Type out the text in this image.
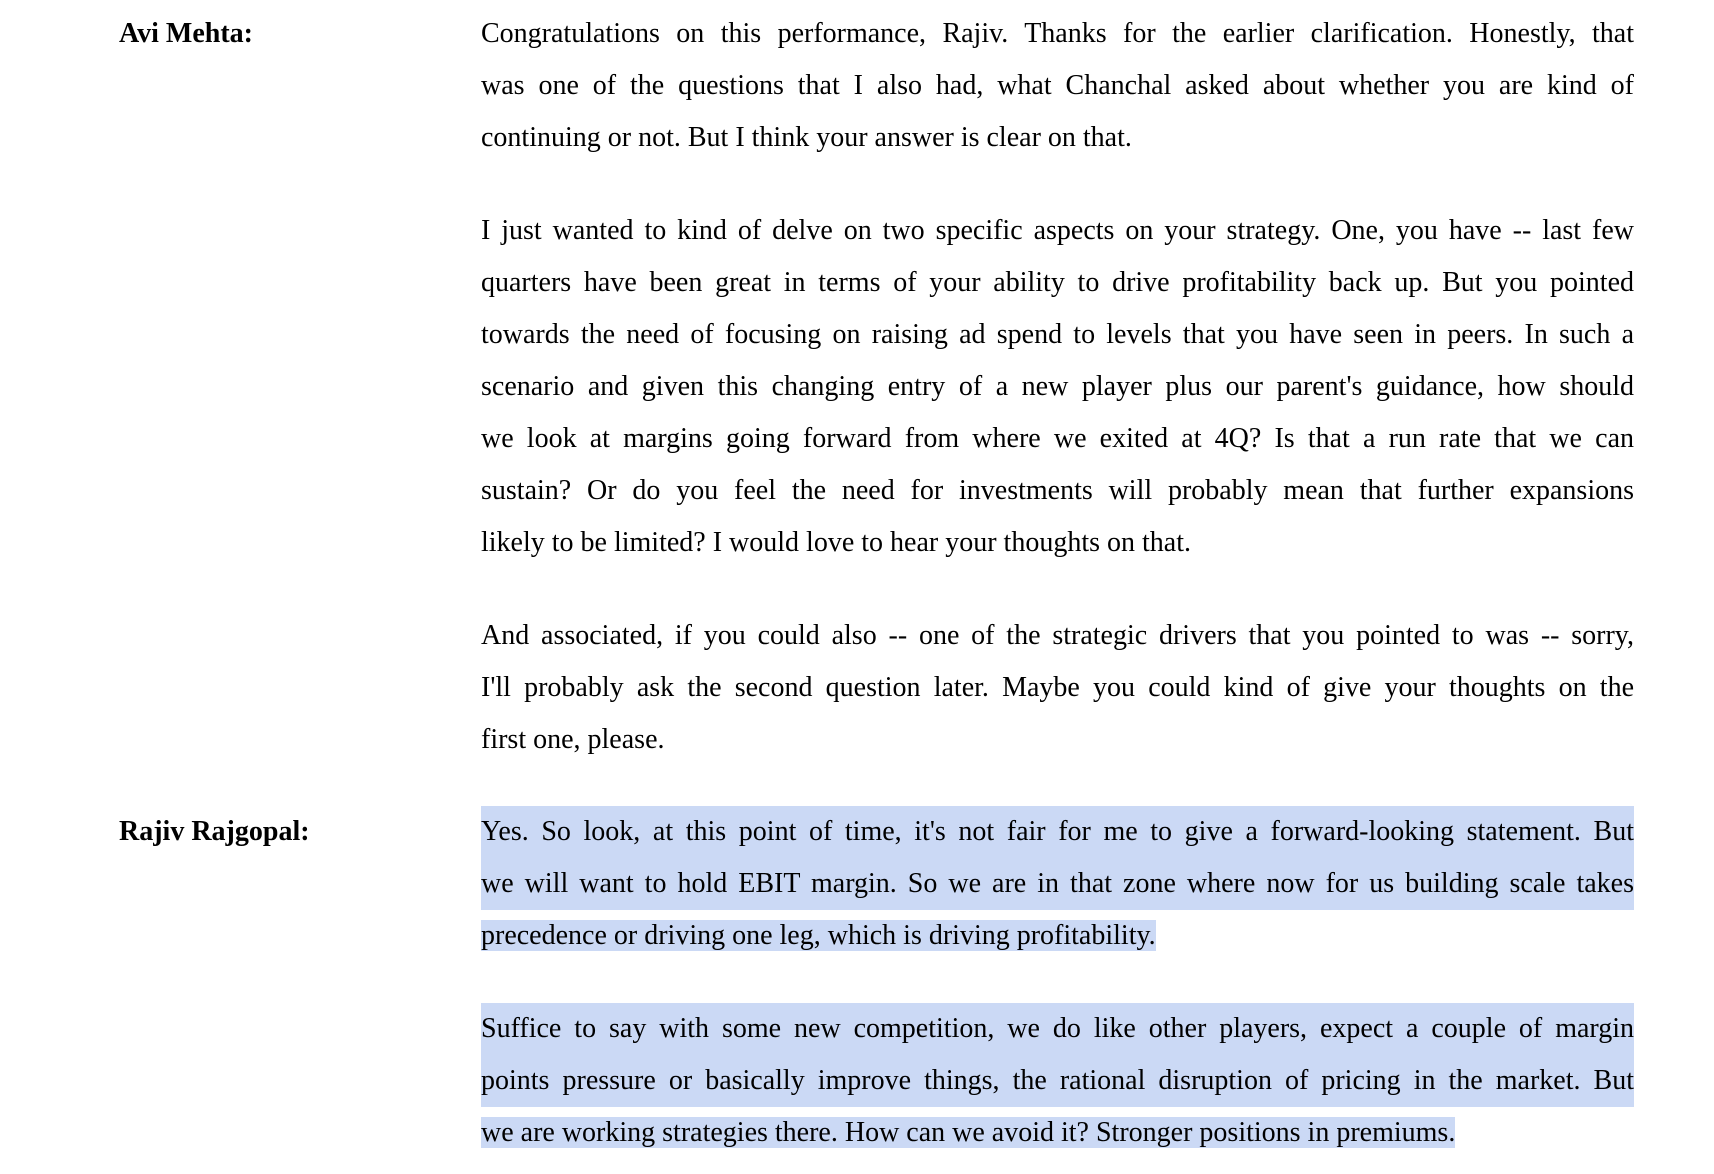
Avi Mehta:	Congratulations on this performance, Rajiv. Thanks for the earlier clarification. Honestly, that
was one of the questions that I also had, what Chanchal asked about whether you are kind of
continuing or not. But I think your answer is clear on that.
I just wanted to kind of delve on two specific aspects on your strategy. One, you have -- last few
quarters have been great in terms of your ability to drive profitability back up. But you pointed
towards the need of focusing on raising ad spend to levels that you have seen in peers. In such a
scenario and given this changing entry of a new player plus our parent's guidance, how should
we look at margins going forward from where we exited at 4Q? Is that a run rate that we can
sustain? Or do you feel the need for investments will probably mean that further expansions
likely to be limited? I would love to hear your thoughts on that.
And associated, if you could also -- one of the strategic drivers that you pointed to was -- sorry,
I'll probably ask the second question later. Maybe you could kind of give your thoughts on the
first one, please.
Rajiv Rajgopal:	Yes. So look, at this point of time, it's not fair for me to give a forward-looking statement. But
we will want to hold EBIT margin. So we are in that zone where now for us building scale takes
precedence or driving one leg, which is driving profitability.
Suffice to say with some new competition, we do like other players, expect a couple of margin
points pressure or basically improve things, the rational disruption of pricing in the market. But
we are working strategies there. How can we avoid it? Stronger positions in premiums.
